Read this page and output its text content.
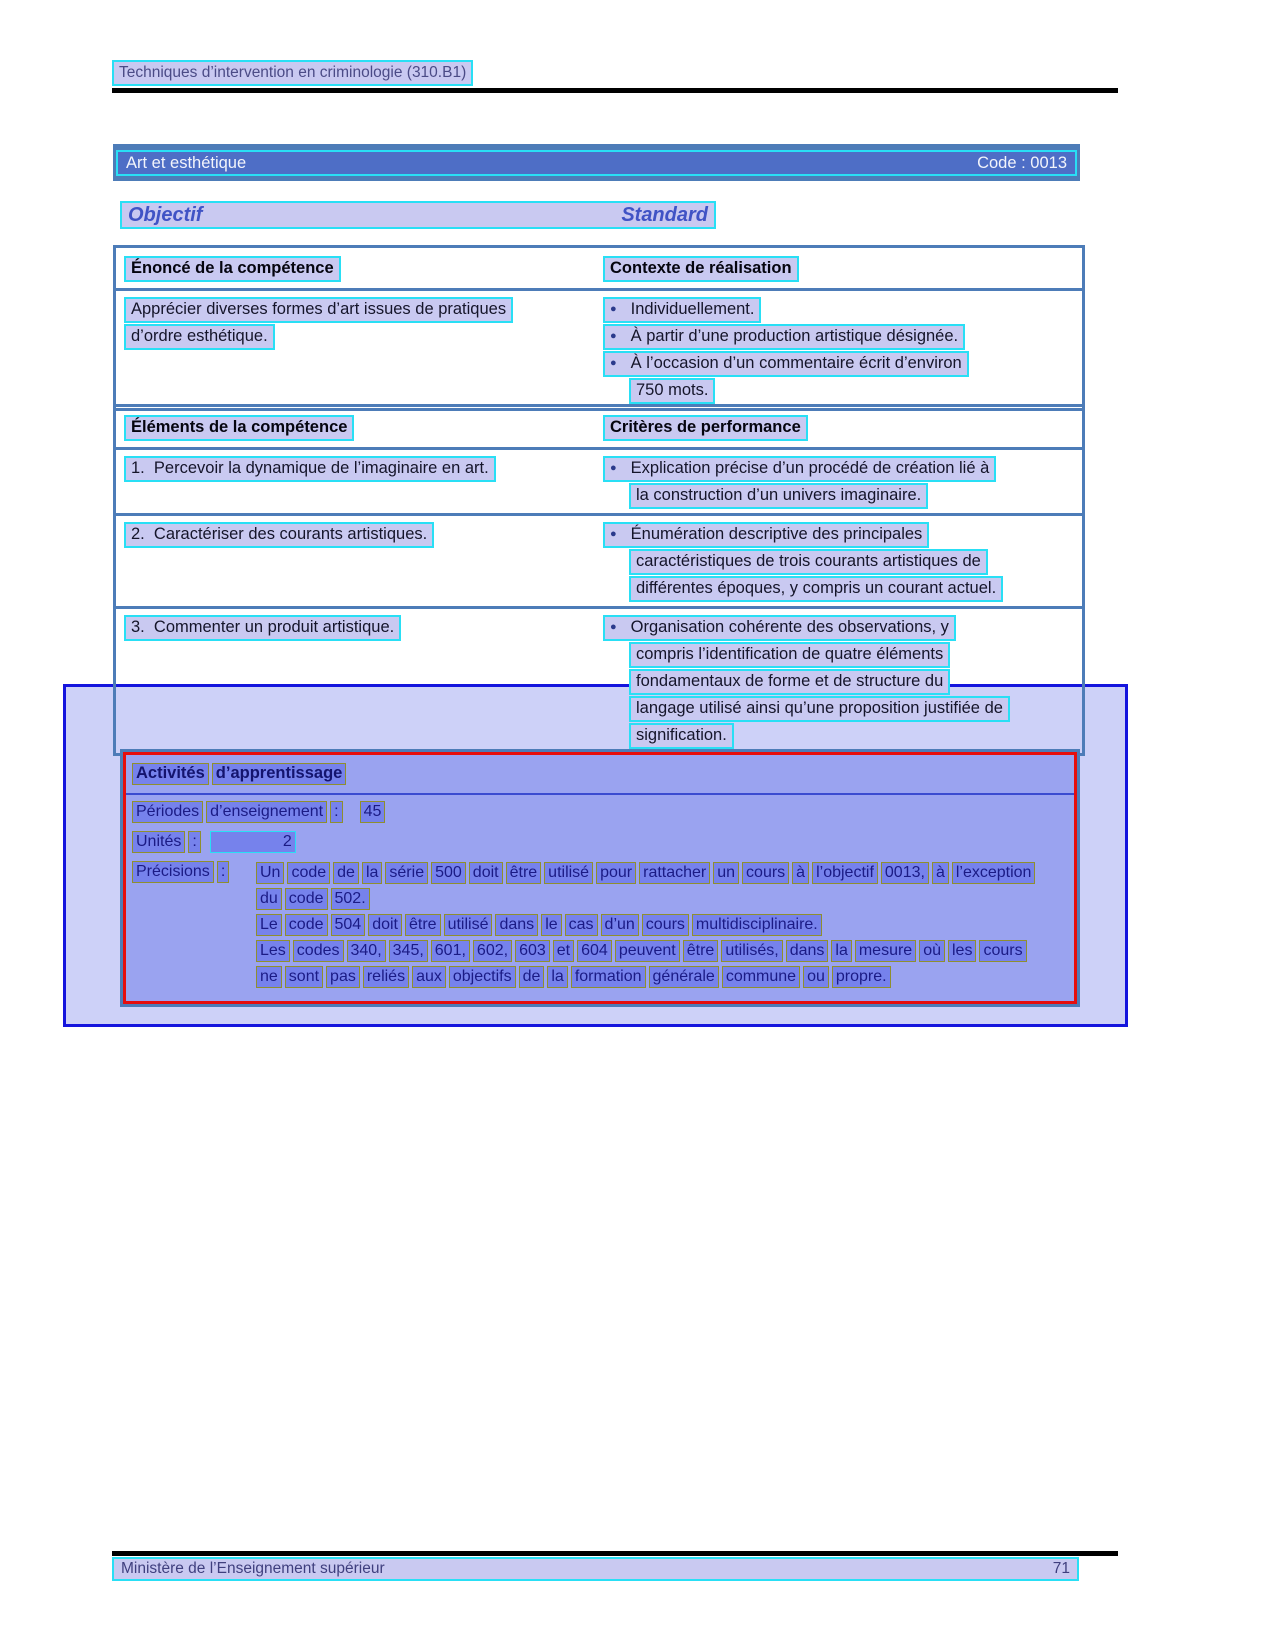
Techniques d’intervention en criminologie (310.B1)
Art et esthétique	Code : 0013
Objectif	Standard
Énoncé de la compétence	Contexte de réalisation
Apprécier diverses formes d’art issues de pratiques
d’ordre esthétique.
● Individuellement.
● À partir d’une production artistique désignée.
● À l’occasion d’un commentaire écrit d’environ
750 mots.
Éléments de la compétence	Critères de performance
1.  Percevoir la dynamique de l’imaginaire en art.	● Explication précise d’un procédé de création lié à
la construction d’un univers imaginaire.
2.  Caractériser des courants artistiques.	● Énumération descriptive des principales
caractéristiques de trois courants artistiques de
différentes époques, y compris un courant actuel.
3.  Commenter un produit artistique.	● Organisation cohérente des observations, y
compris l’identification de quatre éléments
fondamentaux de forme et de structure du
langage utilisé ainsi qu’une proposition justifiée de
signification.
Activités d’apprentissage
Périodes d’enseignement : 45
Unités :	2
Précisions :	Un code de la série 500 doit être utilisé pour rattacher un cours à l’objectif 0013, à l’exception
du code 502.
Le code 504 doit être utilisé dans le cas d’un cours multidisciplinaire.
Les codes 340, 345, 601, 602, 603 et 604 peuvent être utilisés, dans la mesure où les cours
ne sont pas reliés aux objectifs de la formation générale commune ou propre.
Ministère de l’Enseignement supérieur	71
